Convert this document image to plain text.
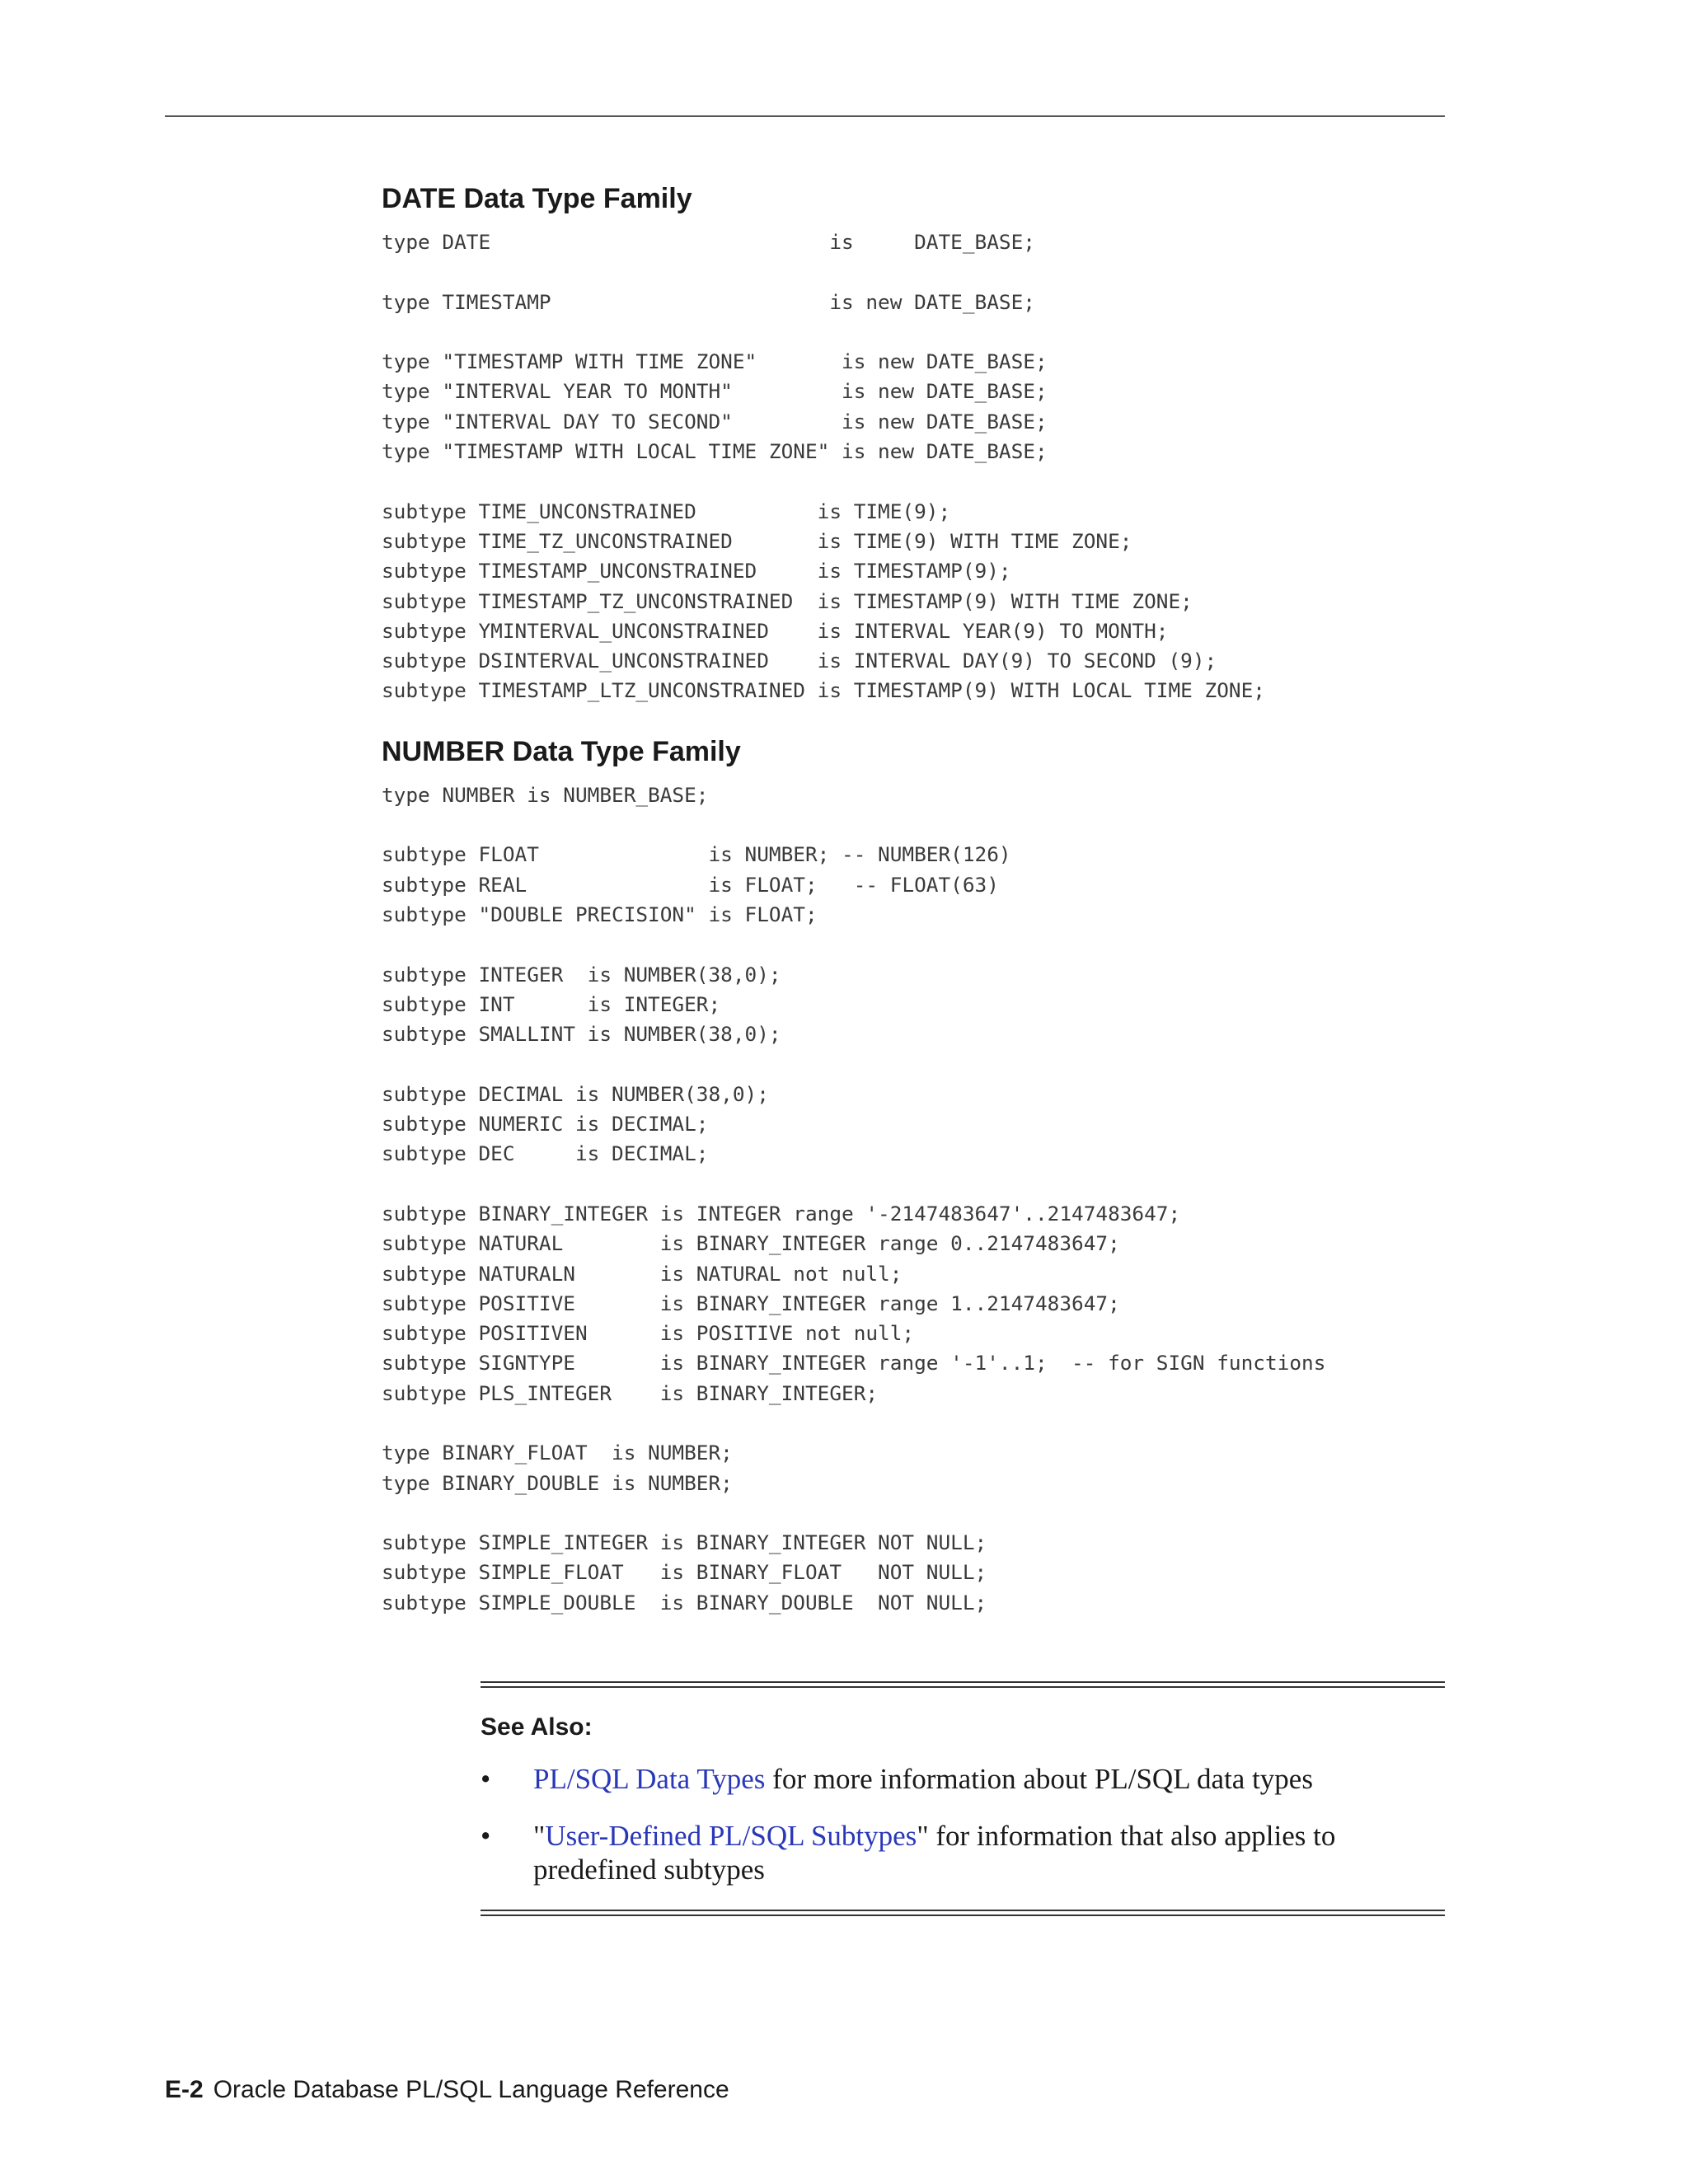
DATE Data Type Family
type DATE                            is     DATE_BASE;
type TIMESTAMP                       is new DATE_BASE;
type "TIMESTAMP WITH TIME ZONE"       is new DATE_BASE;
type "INTERVAL YEAR TO MONTH"         is new DATE_BASE;
type "INTERVAL DAY TO SECOND"         is new DATE_BASE;
type "TIMESTAMP WITH LOCAL TIME ZONE" is new DATE_BASE;
subtype TIME_UNCONSTRAINED          is TIME(9);
subtype TIME_TZ_UNCONSTRAINED       is TIME(9) WITH TIME ZONE;
subtype TIMESTAMP_UNCONSTRAINED     is TIMESTAMP(9);
subtype TIMESTAMP_TZ_UNCONSTRAINED  is TIMESTAMP(9) WITH TIME ZONE;
subtype YMINTERVAL_UNCONSTRAINED    is INTERVAL YEAR(9) TO MONTH;
subtype DSINTERVAL_UNCONSTRAINED    is INTERVAL DAY(9) TO SECOND (9);
subtype TIMESTAMP_LTZ_UNCONSTRAINED is TIMESTAMP(9) WITH LOCAL TIME ZONE;
NUMBER Data Type Family
type NUMBER is NUMBER_BASE;
subtype FLOAT              is NUMBER; -- NUMBER(126)
subtype REAL               is FLOAT;   -- FLOAT(63)
subtype "DOUBLE PRECISION" is FLOAT;
subtype INTEGER  is NUMBER(38,0);
subtype INT      is INTEGER;
subtype SMALLINT is NUMBER(38,0);
subtype DECIMAL is NUMBER(38,0);
subtype NUMERIC is DECIMAL;
subtype DEC     is DECIMAL;
subtype BINARY_INTEGER is INTEGER range '-2147483647'..2147483647;
subtype NATURAL        is BINARY_INTEGER range 0..2147483647;
subtype NATURALN       is NATURAL not null;
subtype POSITIVE       is BINARY_INTEGER range 1..2147483647;
subtype POSITIVEN      is POSITIVE not null;
subtype SIGNTYPE       is BINARY_INTEGER range '-1'..1;  -- for SIGN functions
subtype PLS_INTEGER    is BINARY_INTEGER;
type BINARY_FLOAT  is NUMBER;
type BINARY_DOUBLE is NUMBER;
subtype SIMPLE_INTEGER is BINARY_INTEGER NOT NULL;
subtype SIMPLE_FLOAT   is BINARY_FLOAT   NOT NULL;
subtype SIMPLE_DOUBLE  is BINARY_DOUBLE  NOT NULL;
See Also:
• PL/SQL Data Types for more information about PL/SQL data types
• "User-Defined PL/SQL Subtypes" for information that also applies to predefined subtypes
E-2 Oracle Database PL/SQL Language Reference
